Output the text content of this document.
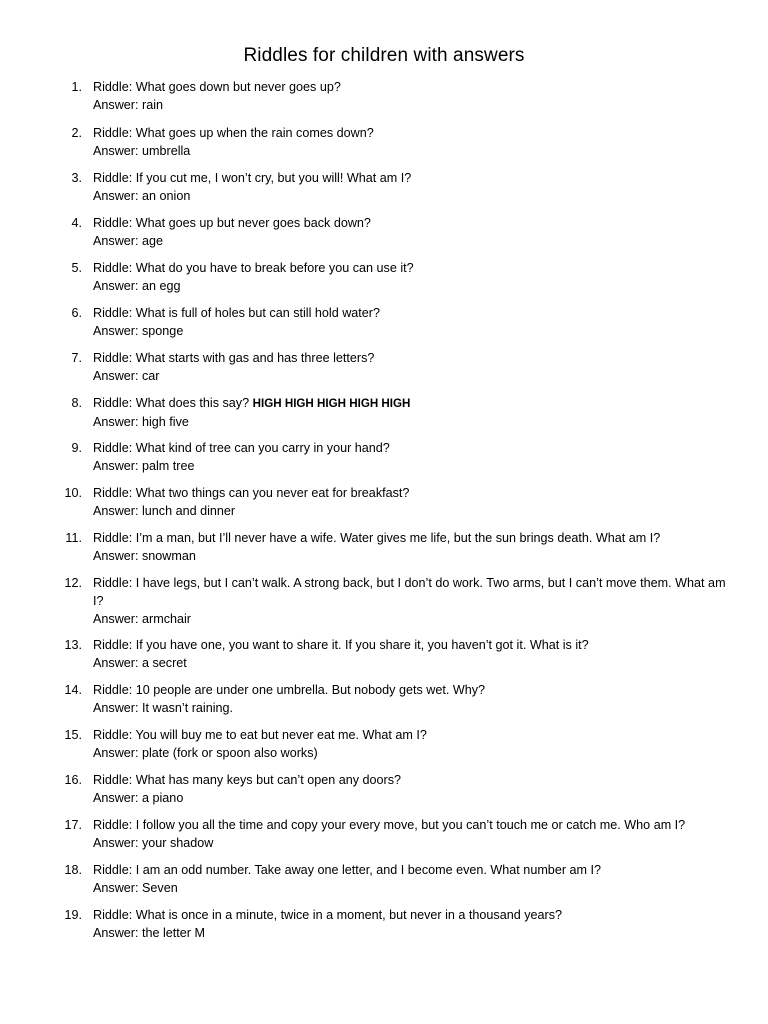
Riddles for children with answers
1. Riddle: What goes down but never goes up?
Answer: rain
2. Riddle: What goes up when the rain comes down?
Answer: umbrella
3. Riddle: If you cut me, I won’t cry, but you will! What am I?
Answer: an onion
4. Riddle: What goes up but never goes back down?
Answer: age
5. Riddle: What do you have to break before you can use it?
Answer: an egg
6. Riddle: What is full of holes but can still hold water?
Answer: sponge
7. Riddle: What starts with gas and has three letters?
Answer: car
8. Riddle: What does this say? HIGH HIGH HIGH HIGH HIGH
Answer: high five
9. Riddle: What kind of tree can you carry in your hand?
Answer: palm tree
10. Riddle: What two things can you never eat for breakfast?
Answer: lunch and dinner
11. Riddle: I’m a man, but I’ll never have a wife. Water gives me life, but the sun brings death. What am I?
Answer: snowman
12. Riddle: I have legs, but I can’t walk. A strong back, but I don’t do work. Two arms, but I can’t move them. What am I?
Answer: armchair
13. Riddle: If you have one, you want to share it. If you share it, you haven’t got it. What is it?
Answer: a secret
14. Riddle: 10 people are under one umbrella. But nobody gets wet. Why?
Answer: It wasn’t raining.
15. Riddle: You will buy me to eat but never eat me. What am I?
Answer: plate (fork or spoon also works)
16. Riddle: What has many keys but can’t open any doors?
Answer: a piano
17. Riddle: I follow you all the time and copy your every move, but you can’t touch me or catch me. Who am I?
Answer: your shadow
18. Riddle: I am an odd number. Take away one letter, and I become even. What number am I?
Answer: Seven
19. Riddle: What is once in a minute, twice in a moment, but never in a thousand years?
Answer: the letter M
